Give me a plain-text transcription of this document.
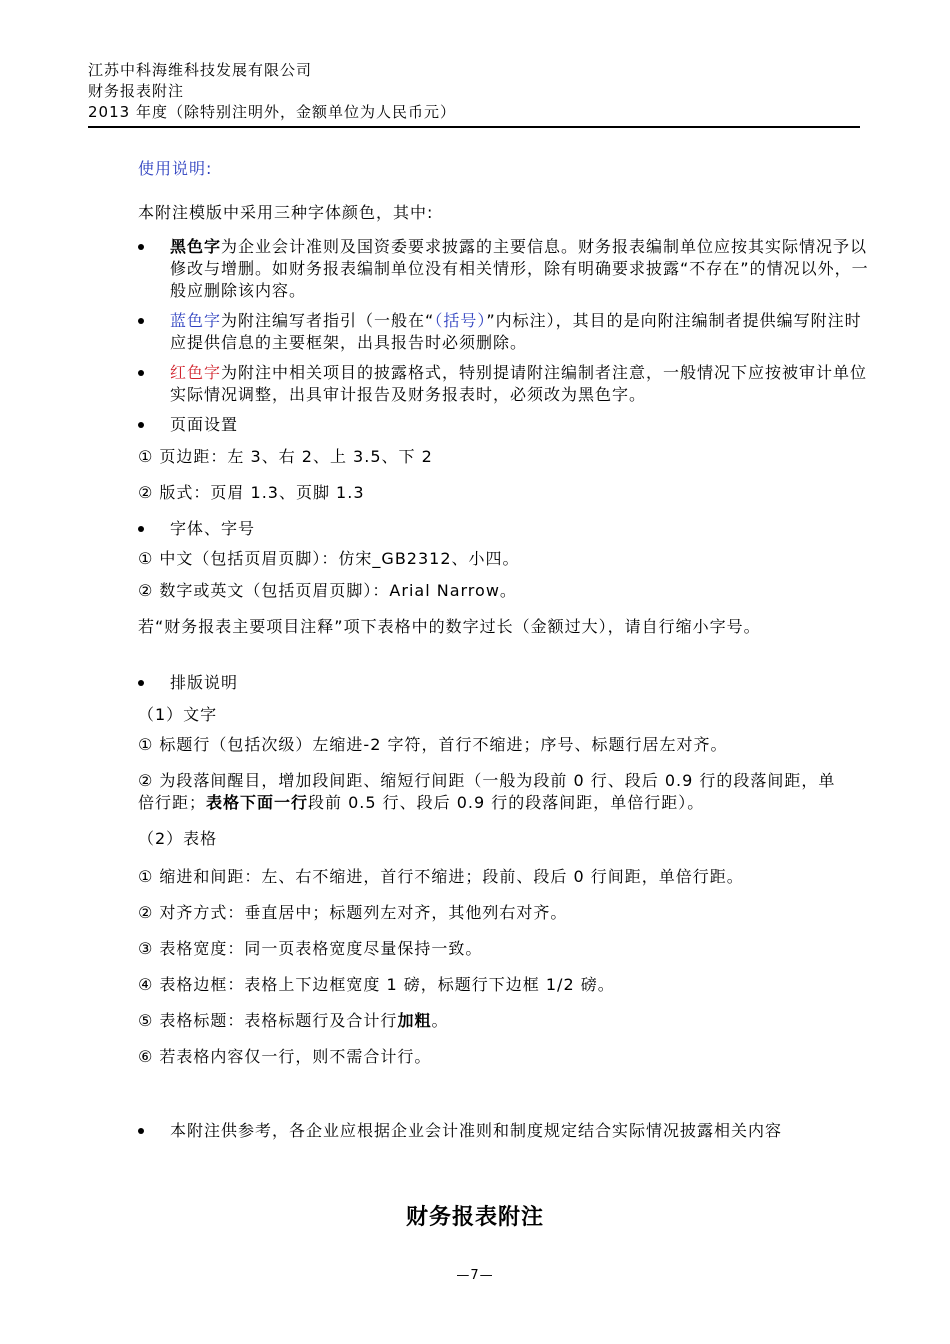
江苏中科海维科技发展有限公司
财务报表附注
2013 年度（除特别注明外，金额单位为人民币元）

使用说明:

本附注模版中采用三种字体颜色，其中:

黑色字为企业会计准则及国资委要求披露的主要信息。财务报表编制单位应按其实际情况予以修改与增删。如财务报表编制单位没有相关情形，除有明确要求披露“不存在”的情况以外，一般应删除该内容。
蓝色字为附注编写者指引（一般在“（括号）”内标注），其目的是向附注编制者提供编写附注时应提供信息的主要框架，出具报告时必须删除。
红色字为附注中相关项目的披露格式，特别提请附注编制者注意，一般情况下应按被审计单位实际情况调整，出具审计报告及财务报表时，必须改为黑色字。
页面设置

① 页边距：左 3、右 2、上 3.5、下 2

② 版式：页眉 1.3、页脚 1.3

字体、字号

① 中文（包括页眉页脚）：仿宋_GB2312、小四。

② 数字或英文（包括页眉页脚）：Arial Narrow。

若“财务报表主要项目注释”项下表格中的数字过长（金额过大），请自行缩小字号。

排版说明

（1）文字

① 标题行（包括次级）左缩进-2 字符，首行不缩进；序号、标题行居左对齐。

② 为段落间醒目，增加段间距、缩短行间距（一般为段前 0 行、段后 0.9 行的段落间距，单倍行距；表格下面一行段前 0.5 行、段后 0.9 行的段落间距，单倍行距）。

（2）表格

① 缩进和间距：左、右不缩进，首行不缩进；段前、段后 0 行间距，单倍行距。

② 对齐方式：垂直居中；标题列左对齐，其他列右对齐。

③ 表格宽度：同一页表格宽度尽量保持一致。

④ 表格边框：表格上下边框宽度 1 磅，标题行下边框 1/2 磅。

⑤ 表格标题：表格标题行及合计行加粗。

⑥ 若表格内容仅一行，则不需合计行。

本附注供参考，各企业应根据企业会计准则和制度规定结合实际情况披露相关内容
财务报表附注
—7—
